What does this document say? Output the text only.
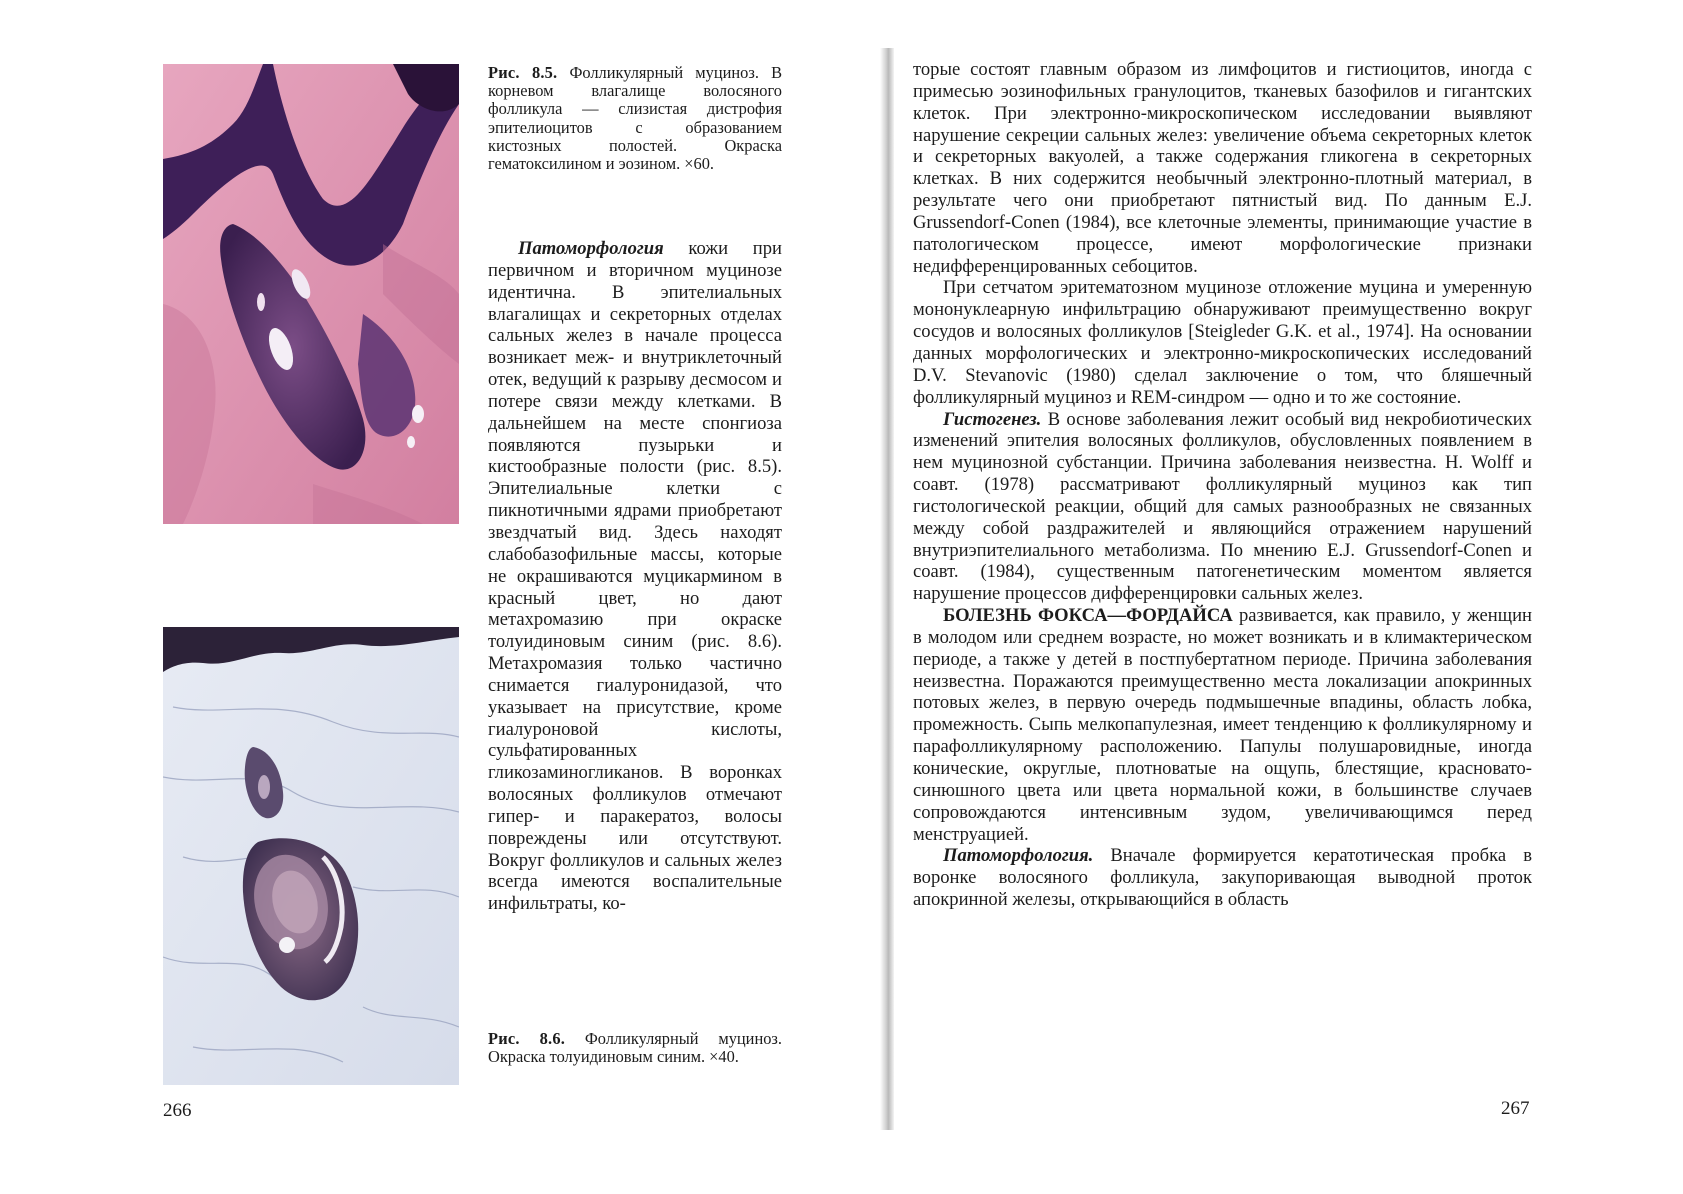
Рис. 8.5. Фолликулярный муциноз. В корневом влагалище волосяного фолликула — слизистая дистрофия эпителиоцитов с образованием кистозных полостей. Окраска гематоксилином и эозином. ×60.

Патоморфология кожи при первичном и вторичном муцинозе идентична. В эпителиальных влагалищах и секреторных отделах сальных желез в начале процесса возникает меж- и внутриклеточный отек, ведущий к разрыву десмосом и потере связи между клетками. В дальнейшем на месте спонгиоза появляются пузырьки и кистообразные полости (рис. 8.5). Эпителиальные клетки с пикнотичными ядрами приобретают звездчатый вид. Здесь находят слабобазофильные массы, которые не окрашиваются муцикармином в красный цвет, но дают метахромазию при окраске толуидиновым синим (рис. 8.6). Метахромазия только частично снимается гиалуронидазой, что указывает на присутствие, кроме гиалуроновой кислоты, сульфатированных гликозаминогликанов. В воронках волосяных фолликулов отмечают гипер- и паракератоз, волосы повреждены или отсутствуют. Вокруг фолликулов и сальных желез всегда имеются воспалительные инфильтраты, ко-

Рис. 8.6. Фолликулярный муциноз. Окраска толуидиновым синим. ×40.
266

торые состоят главным образом из лимфоцитов и гистиоцитов, иногда с примесью эозинофильных гранулоцитов, тканевых базофилов и гигантских клеток. При электронно-микроскопическом исследовании выявляют нарушение секреции сальных желез: увеличение объема секреторных клеток и секреторных вакуолей, а также содержания гликогена в секреторных клетках. В них содержится необычный электронно-плотный материал, в результате чего они приобретают пятнистый вид. По данным E.J. Grussendorf-Conen (1984), все клеточные элементы, принимающие участие в патологическом процессе, имеют морфологические признаки недифференцированных себоцитов.

При сетчатом эритематозном муцинозе отложение муцина и умеренную мононуклеарную инфильтрацию обнаруживают преимущественно вокруг сосудов и волосяных фолликулов [Steigleder G.K. et al., 1974]. На основании данных морфологических и электронно-микроскопических исследований D.V. Stevanovic (1980) сделал заключение о том, что бляшечный фолликулярный муциноз и REM-синдром — одно и то же состояние.

Гистогенез. В основе заболевания лежит особый вид некробиотических изменений эпителия волосяных фолликулов, обусловленных появлением в нем муцинозной субстанции. Причина заболевания неизвестна. H. Wolff и соавт. (1978) рассматривают фолликулярный муциноз как тип гистологической реакции, общий для самых разнообразных не связанных между собой раздражителей и являющийся отражением нарушений внутриэпителиального метаболизма. По мнению E.J. Grussendorf-Conen и соавт. (1984), существенным патогенетическим моментом является нарушение процессов дифференцировки сальных желез.

БОЛЕЗНЬ ФОКСА—ФОРДАЙСА развивается, как правило, у женщин в молодом или среднем возрасте, но может возникать и в климактерическом периоде, а также у детей в постпубертатном периоде. Причина заболевания неизвестна. Поражаются преимущественно места локализации апокринных потовых желез, в первую очередь подмышечные впадины, область лобка, промежность. Сыпь мелкопапулезная, имеет тенденцию к фолликулярному и парафолликулярному расположению. Папулы полушаровидные, иногда конические, округлые, плотноватые на ощупь, блестящие, красновато-синюшного цвета или цвета нормальной кожи, в большинстве случаев сопровождаются интенсивным зудом, увеличивающимся перед менструацией.

Патоморфология. Вначале формируется кератотическая пробка в воронке волосяного фолликула, закупоривающая выводной проток апокринной железы, открывающийся в область

267
